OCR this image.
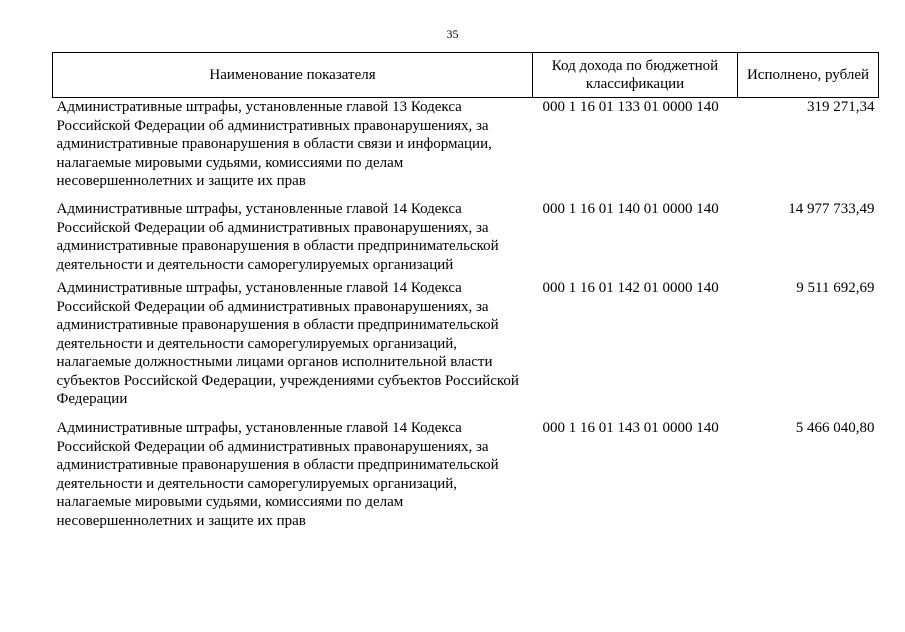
35
Наименование показателя	Код дохода по бюджетной классификации	Исполнено, рублей
Административные штрафы, установленные главой 13 Кодекса Российской Федерации об административных правонарушениях, за административные правонарушения в области связи и информации, налагаемые мировыми судьями, комиссиями по делам несовершеннолетних и защите их прав	000 1 16 01 133 01 0000 140	319 271,34
Административные штрафы, установленные главой 14 Кодекса Российской Федерации об административных правонарушениях, за административные правонарушения в области предпринимательской деятельности и деятельности саморегулируемых организаций	000 1 16 01 140 01 0000 140	14 977 733,49
Административные штрафы, установленные главой 14 Кодекса Российской Федерации об административных правонарушениях, за административные правонарушения в области предпринимательской деятельности и деятельности саморегулируемых организаций, налагаемые должностными лицами органов исполнительной власти субъектов Российской Федерации, учреждениями субъектов Российской Федерации	000 1 16 01 142 01 0000 140	9 511 692,69
Административные штрафы, установленные главой 14 Кодекса Российской Федерации об административных правонарушениях, за административные правонарушения в области предпринимательской деятельности и деятельности саморегулируемых организаций, налагаемые мировыми судьями, комиссиями по делам несовершеннолетних и защите их прав	000 1 16 01 143 01 0000 140	5 466 040,80
